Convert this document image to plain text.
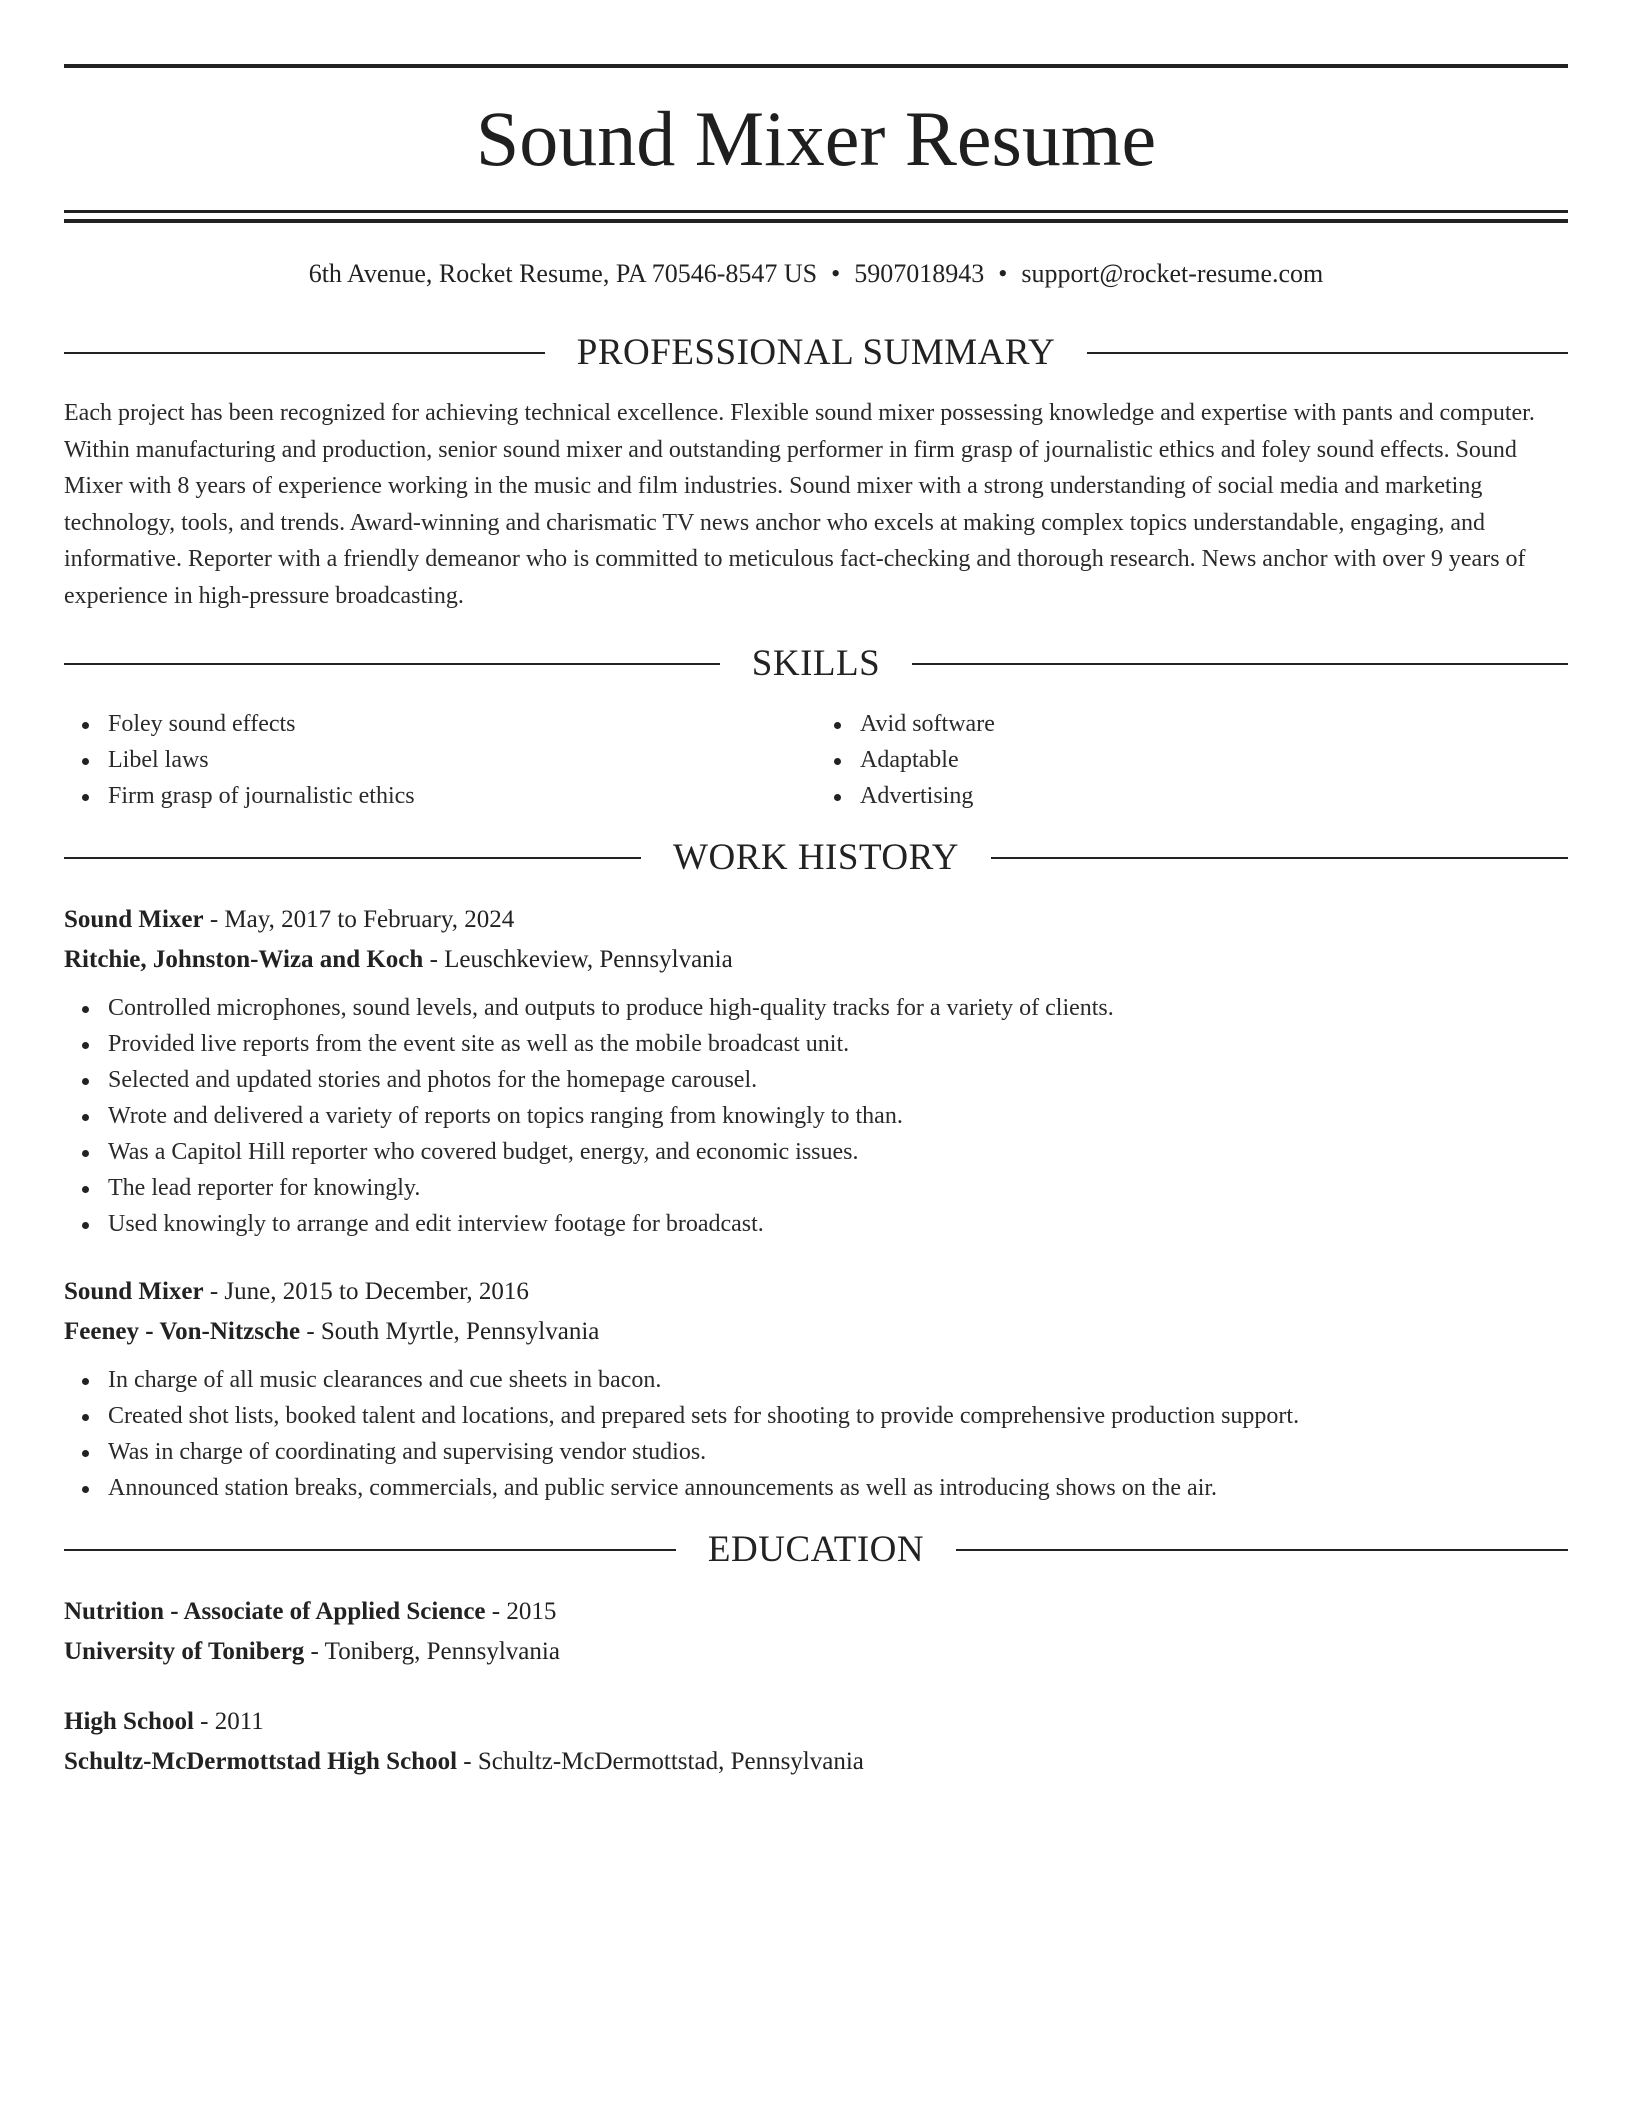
Sound Mixer Resume
6th Avenue, Rocket Resume, PA 70546-8547 US • 5907018943 • support@rocket-resume.com
PROFESSIONAL SUMMARY

Each project has been recognized for achieving technical excellence. Flexible sound mixer possessing knowledge and expertise with pants and computer. Within manufacturing and production, senior sound mixer and outstanding performer in firm grasp of journalistic ethics and foley sound effects. Sound Mixer with 8 years of experience working in the music and film industries. Sound mixer with a strong understanding of social media and marketing technology, tools, and trends. Award-winning and charismatic TV news anchor who excels at making complex topics understandable, engaging, and informative. Reporter with a friendly demeanor who is committed to meticulous fact-checking and thorough research. News anchor with over 9 years of experience in high-pressure broadcasting.

SKILLS
Foley sound effects
Libel laws
Firm grasp of journalistic ethics
Avid software
Adaptable
Advertising
WORK HISTORY
Sound Mixer - May, 2017 to February, 2024
Ritchie, Johnston-Wiza and Koch - Leuschkeview, Pennsylvania
Controlled microphones, sound levels, and outputs to produce high-quality tracks for a variety of clients.
Provided live reports from the event site as well as the mobile broadcast unit.
Selected and updated stories and photos for the homepage carousel.
Wrote and delivered a variety of reports on topics ranging from knowingly to than.
Was a Capitol Hill reporter who covered budget, energy, and economic issues.
The lead reporter for knowingly.
Used knowingly to arrange and edit interview footage for broadcast.
Sound Mixer - June, 2015 to December, 2016
Feeney - Von-Nitzsche - South Myrtle, Pennsylvania
In charge of all music clearances and cue sheets in bacon.
Created shot lists, booked talent and locations, and prepared sets for shooting to provide comprehensive production support.
Was in charge of coordinating and supervising vendor studios.
Announced station breaks, commercials, and public service announcements as well as introducing shows on the air.
EDUCATION
Nutrition - Associate of Applied Science - 2015
University of Toniberg - Toniberg, Pennsylvania
High School - 2011
Schultz-McDermottstad High School - Schultz-McDermottstad, Pennsylvania
